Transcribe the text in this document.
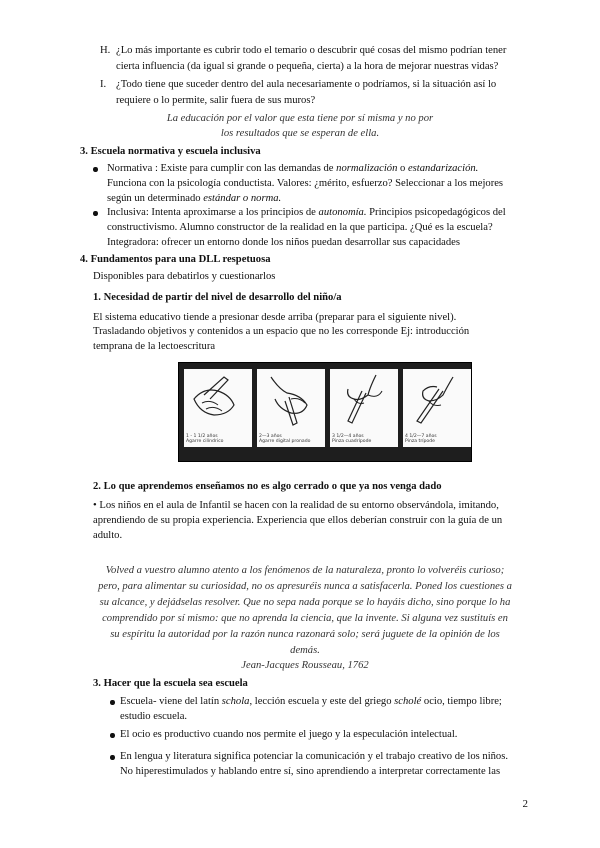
H. ¿Lo más importante es cubrir todo el temario o descubrir qué cosas del mismo podrían tener cierta influencia (da igual si grande o pequeña, cierta) a la hora de mejorar nuestras vidas?
I. ¿Todo tiene que suceder dentro del aula necesariamente o podríamos, si la situación así lo requiere o lo permite, salir fuera de sus muros?
La educación por el valor que esta tiene por sí misma y no por
los resultados que se esperan de ella.
3. Escuela normativa y escuela inclusiva
Normativa : Existe para cumplir con las demandas de normalización o estandarización.
Funciona con la psicología conductista. Valores: ¿mérito, esfuerzo? Seleccionar a los mejores
según un determinado estándar o norma.
Inclusiva: Intenta aproximarse a los principios de autonomía. Principios psicopedagógicos del
constructivismo. Alumno constructor de la realidad en la que participa. ¿Qué es la escuela?
Integradora: ofrecer un entorno donde los niños puedan desarrollar sus capacidades
4. Fundamentos para una DLL respetuosa
Disponibles para debatirlos y cuestionarlos
1. Necesidad de partir del nivel de desarrollo del niño/a
El sistema educativo tiende a presionar desde arriba (preparar para el siguiente nivel).
Trasladando objetivos y contenidos a un espacio que no les corresponde Ej: introducción
temprana de la lectoescritura
1 - 1 1/2 años
Agarre cilíndrico
2—3 años
Agarre digital pronado
3 1/2—4 años
Pinza cuadrípode
4 1/2—7 años
Pinza trípode
2. Lo que aprendemos enseñamos no es algo cerrado o que ya nos venga dado
• Los niños en el aula de Infantil se hacen con la realidad de su entorno observándola, imitando,
aprendiendo de su propia experiencia. Experiencia que ellos deberían construir con la guía de un
adulto.
Volved a vuestro alumno atento a los fenómenos de la naturaleza, pronto lo volveréis curioso;
pero, para alimentar su curiosidad, no os apresuréis nunca a satisfacerla. Poned los cuestiones a
su alcance, y dejádselas resolver. Que no sepa nada porque se lo hayáis dicho, sino porque lo ha
comprendido por sí mismo: que no aprenda la ciencia, que la invente. Si alguna vez sustituís en
su espíritu la autoridad por la razón nunca razonará solo; será juguete de la opinión de los
demás.
Jean-Jacques Rousseau, 1762
3. Hacer que la escuela sea escuela
Escuela- viene del latín schola, lección escuela y este del griego scholé ocio, tiempo libre;
estudio escuela.
El ocio es productivo cuando nos permite el juego y la especulación intelectual.
En lengua y literatura significa potenciar la comunicación y el trabajo creativo de los niños.
No hiperestimulados y hablando entre sí, sino aprendiendo a interpretar correctamente las
2
